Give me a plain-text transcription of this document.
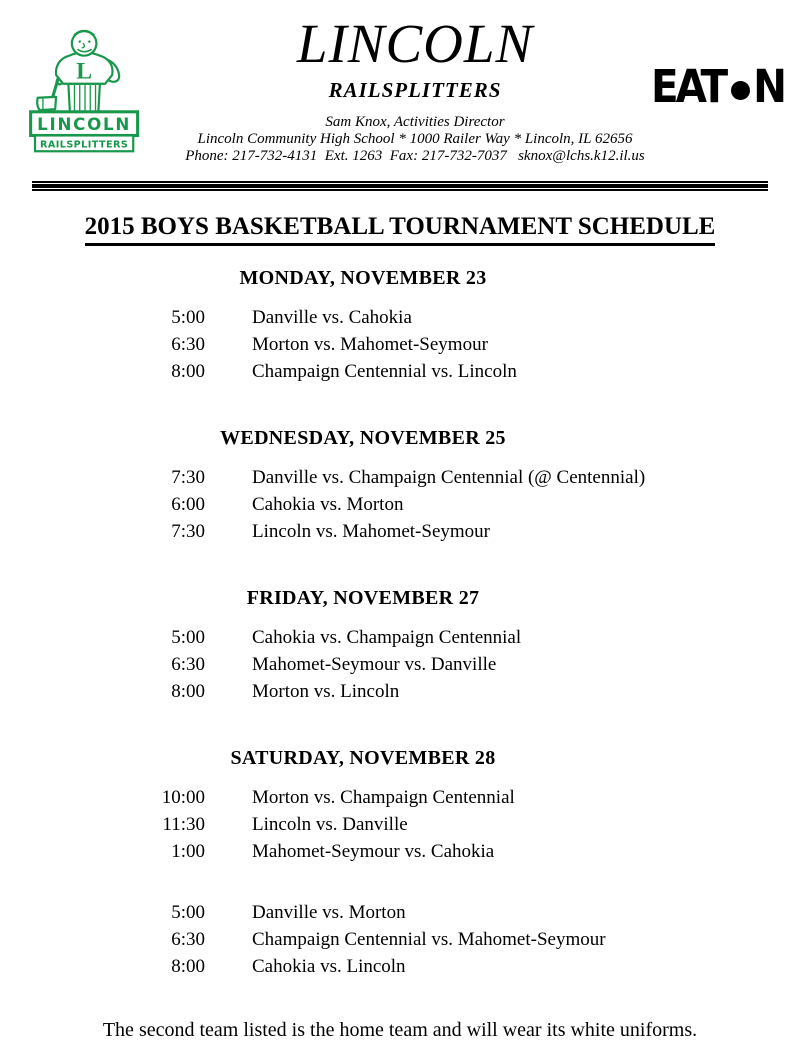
L
LINCOLN
RAILSPLITTERS
LINCOLN
RAILSPLITTERS
Sam Knox, Activities Director
Lincoln Community High School * 1000 Railer Way * Lincoln, IL 62656
Phone: 217-732-4131  Ext. 1263  Fax: 217-732-7037   sknox@lchs.k12.il.us
EAT N
2015 BOYS BASKETBALL TOURNAMENT SCHEDULE
MONDAY, NOVEMBER 23
5:00 Danville vs. Cahokia
6:30 Morton vs. Mahomet-Seymour
8:00 Champaign Centennial vs. Lincoln
WEDNESDAY, NOVEMBER 25
7:30 Danville vs. Champaign Centennial (@ Centennial)
6:00 Cahokia vs. Morton
7:30 Lincoln vs. Mahomet-Seymour
FRIDAY, NOVEMBER 27
5:00 Cahokia vs. Champaign Centennial
6:30 Mahomet-Seymour vs. Danville
8:00 Morton vs. Lincoln
SATURDAY, NOVEMBER 28
10:00 Morton vs. Champaign Centennial
11:30 Lincoln vs. Danville
1:00 Mahomet-Seymour vs. Cahokia
5:00 Danville vs. Morton
6:30 Champaign Centennial vs. Mahomet-Seymour
8:00 Cahokia vs. Lincoln

The second team listed is the home team and will wear its white uniforms.
